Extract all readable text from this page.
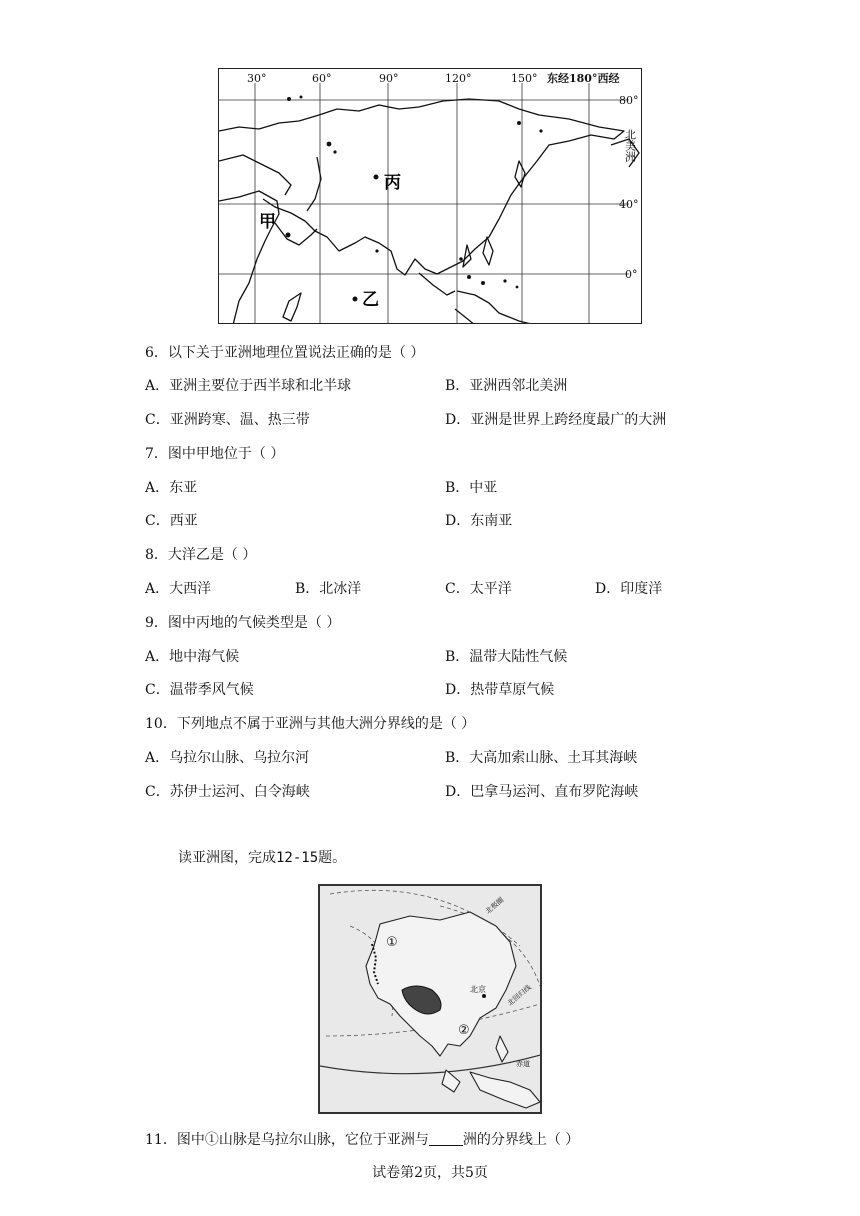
30°	60°	90°	120°	150° 东经180°西经
80°
40°
0°
北美洲
丙
甲
乙
6．以下关于亚洲地理位置说法正确的是（ ）
A．亚洲主要位于西半球和北半球	B．亚洲西邻北美洲
C．亚洲跨寒、温、热三带	D．亚洲是世界上跨经度最广的大洲
7．图中甲地位于（ ）
A．东亚	B．中亚
C．西亚	D．东南亚
8．大洋乙是（ ）
A．大西洋	B．北冰洋	C．太平洋	D．印度洋
9．图中丙地的气候类型是（ ）
A．地中海气候	B．温带大陆性气候
C．温带季风气候	D．热带草原气候
10．下列地点不属于亚洲与其他大洲分界线的是（ ）
A．乌拉尔山脉、乌拉尔河	B．大高加索山脉、土耳其海峡
C．苏伊士运河、白令海峡	D．巴拿马运河、直布罗陀海峡
读亚洲图，完成12-15题。
①
②
北京
北极圈
北回归线
赤道
11．图中①山脉是乌拉尔山脉，它位于亚洲与 洲的分界线上（ ）
试卷第2页，共5页
